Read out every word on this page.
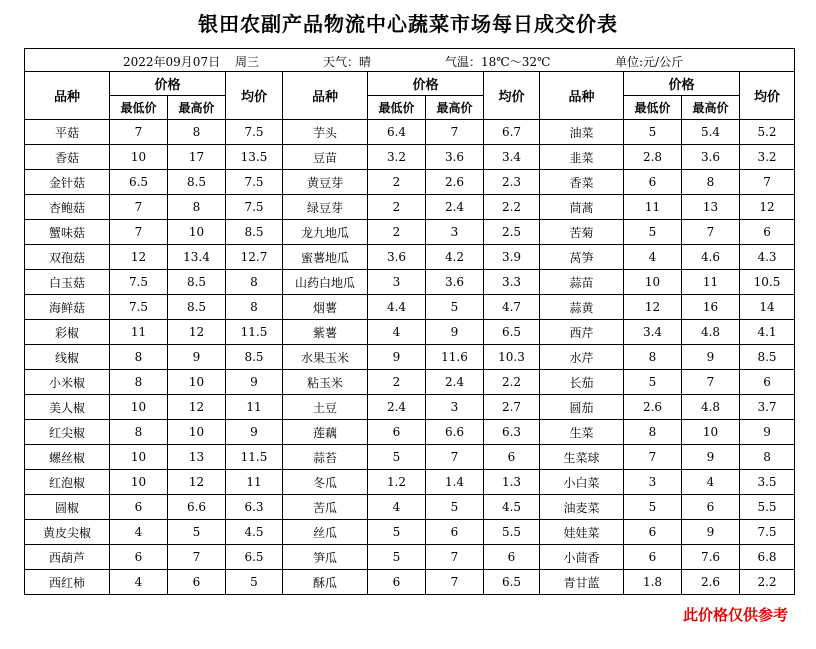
银田农副产品物流中心蔬菜市场每日成交价表
2022年09月07日 周三 天气：晴 气温：18℃～32℃ 单位:元/公斤											

品种	价格		均价	品种	价格		均价	品种	价格		均价
	最低价	最高价			最低价	最高价			最低价	最高价	
平菇	7	8	7.5	芋头	6.4	7	6.7	油菜	5	5.4	5.2
香菇	10	17	13.5	豆苗	3.2	3.6	3.4	韭菜	2.8	3.6	3.2
金针菇	6.5	8.5	7.5	黄豆芽	2	2.6	2.3	香菜	6	8	7
杏鲍菇	7	8	7.5	绿豆芽	2	2.4	2.2	茼蒿	11	13	12
蟹味菇	7	10	8.5	龙九地瓜	2	3	2.5	苦菊	5	7	6
双孢菇	12	13.4	12.7	蜜薯地瓜	3.6	4.2	3.9	莴笋	4	4.6	4.3
白玉菇	7.5	8.5	8	山药白地瓜	3	3.6	3.3	蒜苗	10	11	10.5
海鲜菇	7.5	8.5	8	烟薯	4.4	5	4.7	蒜黄	12	16	14
彩椒	11	12	11.5	紫薯	4	9	6.5	西芹	3.4	4.8	4.1
线椒	8	9	8.5	水果玉米	9	11.6	10.3	水芹	8	9	8.5
小米椒	8	10	9	粘玉米	2	2.4	2.2	长茄	5	7	6
美人椒	10	12	11	土豆	2.4	3	2.7	圆茄	2.6	4.8	3.7
红尖椒	8	10	9	莲藕	6	6.6	6.3	生菜	8	10	9
螺丝椒	10	13	11.5	蒜苔	5	7	6	生菜球	7	9	8
红泡椒	10	12	11	冬瓜	1.2	1.4	1.3	小白菜	3	4	3.5
圆椒	6	6.6	6.3	苦瓜	4	5	4.5	油麦菜	5	6	5.5
黄皮尖椒	4	5	4.5	丝瓜	5	6	5.5	娃娃菜	6	9	7.5
西葫芦	6	7	6.5	笋瓜	5	7	6	小茴香	6	7.6	6.8
西红柿	4	6	5	酥瓜	6	7	6.5	青甘蓝	1.8	2.6	2.2
此价格仅供参考
